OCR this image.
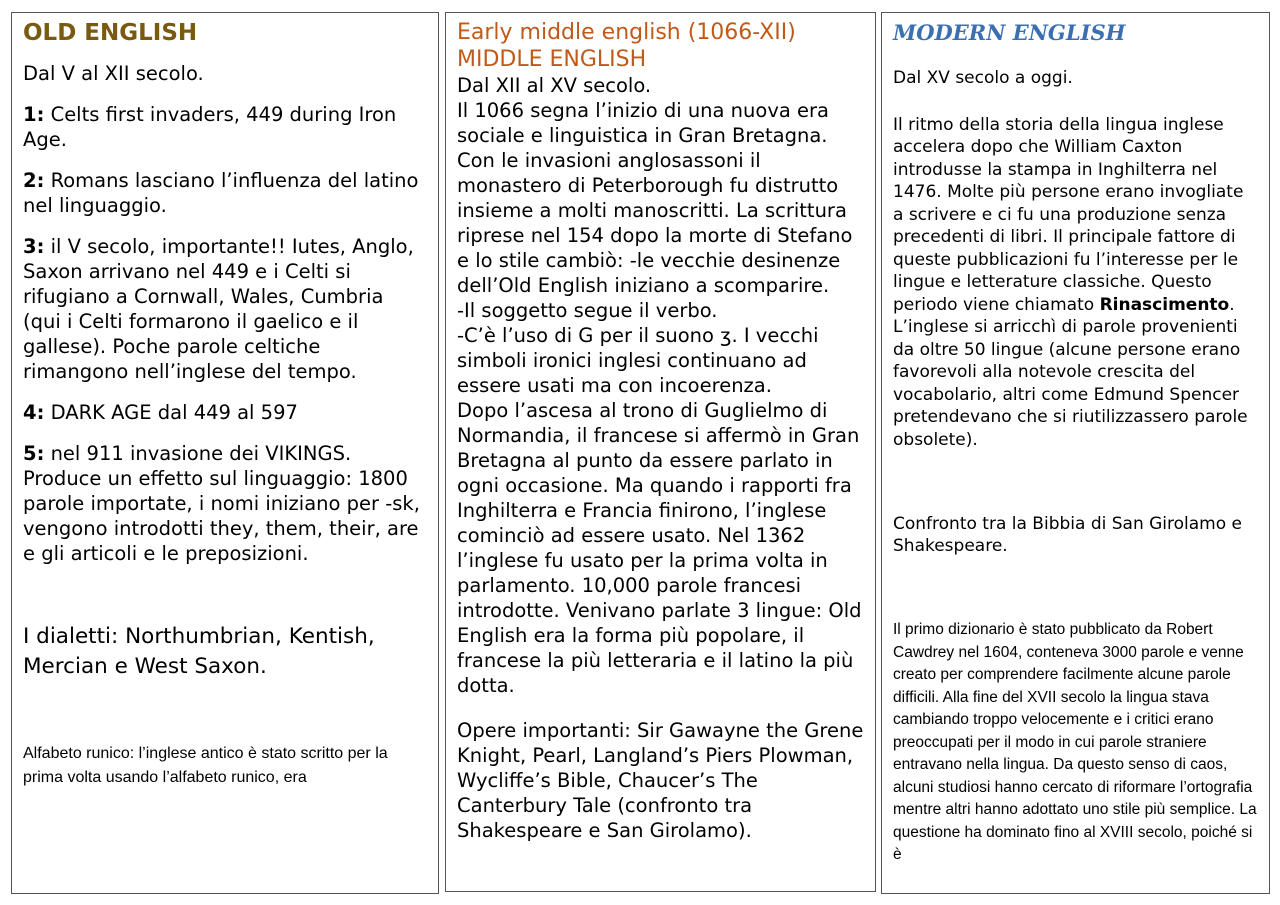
OLD ENGLISH

Dal V al XII secolo.

1: Celts first invaders, 449 during Iron Age.

2: Romans lasciano l’influenza del latino nel linguaggio.

3: il V secolo, importante!! Iutes, Anglo, Saxon arrivano nel 449 e i Celti si rifugiano a Cornwall, Wales, Cumbria (qui i Celti formarono il gaelico e il gallese). Poche parole celtiche rimangono nell’inglese del tempo.

4: DARK AGE dal 449 al 597

5: nel 911 invasione dei VIKINGS. Produce un effetto sul linguaggio: 1800 parole importate, i nomi iniziano per -sk, vengono introdotti they, them, their, are e gli articoli e le preposizioni.

I dialetti: Northumbrian, Kentish, Mercian e West Saxon.

Alfabeto runico: l’inglese antico è stato scritto per la prima volta usando l’alfabeto runico, era

Early middle english (1066-XII)

MIDDLE ENGLISH

Dal XII al XV secolo.

Il 1066 segna l’inizio di una nuova era sociale e linguistica in Gran Bretagna. Con le invasioni anglosassoni il monastero di Peterborough fu distrutto insieme a molti manoscritti. La scrittura riprese nel 154 dopo la morte di Stefano e lo stile cambiò: -le vecchie desinenze dell’Old English iniziano a scomparire.

-Il soggetto segue il verbo.

-C’è l’uso di G per il suono ʒ. I vecchi simboli ironici inglesi continuano ad essere usati ma con incoerenza.

Dopo l’ascesa al trono di Guglielmo di Normandia, il francese si affermò in Gran Bretagna al punto da essere parlato in ogni occasione. Ma quando i rapporti fra Inghilterra e Francia finirono, l’inglese cominciò ad essere usato. Nel 1362 l’inglese fu usato per la prima volta in parlamento. 10,000 parole francesi introdotte. Venivano parlate 3 lingue: Old English era la forma più popolare, il francese la più letteraria e il latino la più dotta.

Opere importanti: Sir Gawayne the Grene Knight, Pearl, Langland’s Piers Plowman, Wycliffe’s Bible, Chaucer’s The Canterbury Tale (confronto tra Shakespeare e San Girolamo).

MODERN ENGLISH

Dal XV secolo a oggi.

Il ritmo della storia della lingua inglese accelera dopo che William Caxton introdusse la stampa in Inghilterra nel 1476. Molte più persone erano invogliate a scrivere e ci fu una produzione senza precedenti di libri. Il principale fattore di queste pubblicazioni fu l’interesse per le lingue e letterature classiche. Questo periodo viene chiamato Rinascimento. L’inglese si arricchì di parole provenienti da oltre 50 lingue (alcune persone erano favorevoli alla notevole crescita del vocabolario, altri come Edmund Spencer pretendevano che si riutilizzassero parole obsolete).

Confronto tra la Bibbia di San Girolamo e Shakespeare.

Il primo dizionario è stato pubblicato da Robert Cawdrey nel 1604, conteneva 3000 parole e venne creato per comprendere facilmente alcune parole difficili. Alla fine del XVII secolo la lingua stava cambiando troppo velocemente e i critici erano preoccupati per il modo in cui parole straniere entravano nella lingua. Da questo senso di caos, alcuni studiosi hanno cercato di riformare l’ortografia mentre altri hanno adottato uno stile più semplice. La questione ha dominato fino al XVIII secolo, poiché si è
